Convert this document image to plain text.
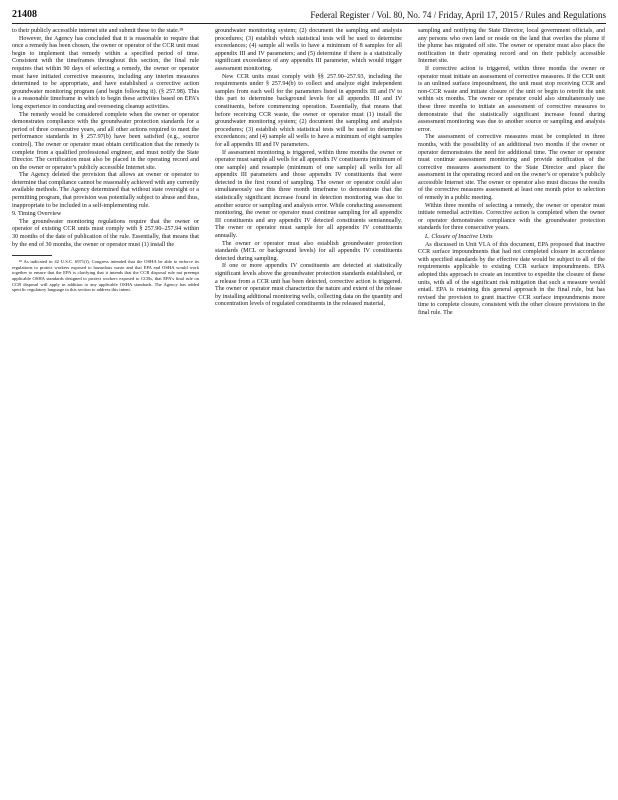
21408	Federal Register / Vol. 80, No. 74 / Friday, April 17, 2015 / Rules and Regulations

to their publicly accessible internet site and submit these to the state.¹⁸

However, the Agency has concluded that it is reasonable to require that once a remedy has been chosen, the owner or operator of the CCR unit must begin to implement that remedy within a specified period of time. Consistent with the timeframes throughout this section, the final rule requires that within 90 days of selecting a remedy, the owner or operator must have initiated corrective measures, including any interim measures determined to be appropriate, and have established a corrective action groundwater monitoring program (and begin following it). (§ 257.98). This is a reasonable timeframe in which to begin these activities based on EPA’s long experience in conducting and overseeing cleanup activities.

The remedy would be considered complete when the owner or operator demonstrates compliance with the groundwater protection standards for a period of three consecutive years, and all other actions required to meet the performance standards in § 257.97(b) have been satisfied (e.g., source control). The owner or operator must obtain certification that the remedy is complete from a qualified professional engineer, and must notify the State Director. The certification must also be placed in the operating record and on the owner or operator’s publicly accessible Internet site.

The Agency deleted the provision that allows an owner or operator to determine that compliance cannot be reasonably achieved with any currently available methods. The Agency determined that without state oversight or a permitting program, that provision was potentially subject to abuse and thus, inappropriate to be included in a self-implementing rule.

9. Timing Overview

The groundwater monitoring regulations require that the owner or operator of existing CCR units must comply with § 257.90–257.94 within 30 months of the date of publication of the rule. Essentially, that means that by the end of 30 months, the owner or operator must (1) install the

¹⁸ As indicated in 42 U.S.C. 6971(f), Congress intended that the OSHA be able to enforce its regulations to protect workers exposed to hazardous waste and that EPA and OSHA would work together to ensure that the EPA is clarifying that it intends that the CCR disposal rule not preempt applicable OSHA standards designed to protect workers exposed to CCRs, that EPA’s final rule on CCR disposal will apply in addition to any applicable OSHA standards. The Agency has added specific regulatory language in this section to address this intent.

groundwater monitoring system; (2) document the sampling and analysis procedures; (3) establish which statistical tests will be used to determine exceedances; (4) sample all wells to have a minimum of 8 samples for all appendix III and IV parameters; and (5) determine if there is a statistically significant exceedance of any appendix III parameter, which would trigger assessment monitoring.

New CCR units must comply with §§ 257.90–257.93, including the requirements under § 257.94(b) to collect and analyze eight independent samples from each well for the parameters listed in appendix III and IV to this part to determine background levels for all appendix III and IV constituents, before commencing operation. Essentially, that means that before receiving CCR waste, the owner or operator must (1) install the groundwater monitoring system; (2) document the sampling and analysis procedures; (3) establish which statistical tests will be used to determine exceedances; and (4) sample all wells to have a minimum of eight samples for all appendix III and IV parameters.

If assessment monitoring is triggered, within three months the owner or operator must sample all wells for all appendix IV constituents (minimum of one sample) and resample (minimum of one sample) all wells for all appendix III parameters and those appendix IV constituents that were detected in the first round of sampling. The owner or operator could also simultaneously use this three month timeframe to demonstrate that the statistically significant increase found in detection monitoring was due to another source or sampling and analysis error. While conducting assessment monitoring, the owner or operator must continue sampling for all appendix III constituents and any appendix IV detected constituents semiannually. The owner or operator must sample for all appendix IV constituents annually.

The owner or operator must also establish groundwater protection standards (MCL or background levels) for all appendix IV constituents detected during sampling.

If one or more appendix IV constituents are detected at statistically significant levels above the groundwater protection standards established, or a release from a CCR unit has been detected, corrective action is triggered. The owner or operator must characterize the nature and extent of the release by installing additional monitoring wells, collecting data on the quantity and concentration levels of regulated constituents in the released material,

sampling and notifying the State Director, local government officials, and any persons who own land or reside on the land that overlies the plume if the plume has migrated off site. The owner or operator must also place the notification in their operating record and on their publicly accessible Internet site.

If corrective action is triggered, within three months the owner or operator must initiate an assessment of corrective measures. If the CCR unit is an unlined surface impoundment, the unit must stop receiving CCR and non-CCR waste and initiate closure of the unit or begin to retrofit the unit within six months. The owner or operator could also simultaneously use these three months to initiate an assessment of corrective measures to demonstrate that the statistically significant increase found during assessment monitoring was due to another source or sampling and analysis error.

The assessment of corrective measures must be completed in three months, with the possibility of an additional two months if the owner or operator demonstrates the need for additional time. The owner or operator must continue assessment monitoring and provide notification of the corrective measures assessment to the State Director and place the assessment in the operating record and on the owner’s or operator’s publicly accessible Internet site. The owner or operator also must discuss the results of the corrective measures assessment at least one month prior to selection of remedy in a public meeting.

Within three months of selecting a remedy, the owner or operator must initiate remedial activities. Corrective action is completed when the owner or operator demonstrates compliance with the groundwater protection standards for three consecutive years.

L. Closure of Inactive Units

As discussed in Unit VI.A of this document, EPA proposed that inactive CCR surface impoundments that had not completed closure in accordance with specified standards by the effective date would be subject to all of the requirements applicable to existing CCR surface impoundments. EPA adopted this approach to create an incentive to expedite the closure of these units, with all of the significant risk mitigation that such a measure would entail. EPA is retaining this general approach in the final rule, but has revised the provision to grant inactive CCR surface impoundments more time to complete closure, consistent with the other closure provisions in the final rule. The
